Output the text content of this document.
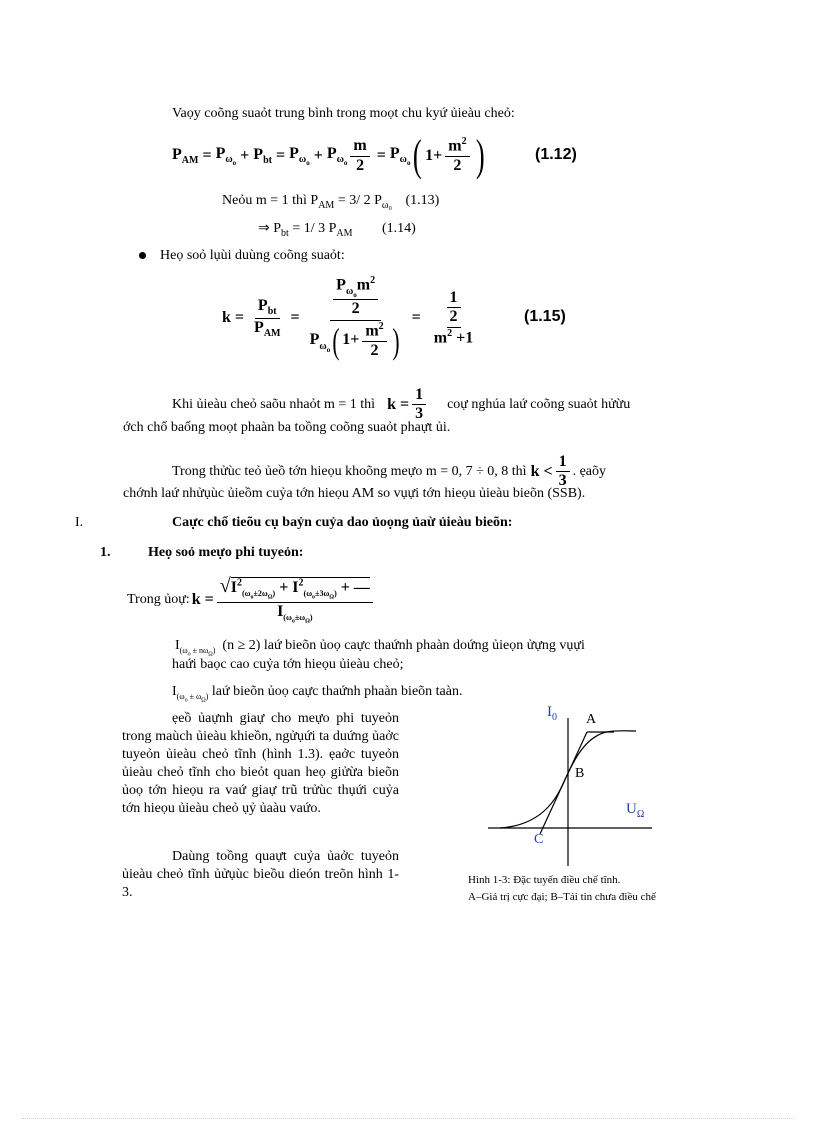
Vaọy coõng suaỏt trung bình trong moọt chu kyứ ủieàu cheỏ:
$P_{AM} = P_{\omega_o} + P_{bt} = P_{\omega_o} + P_{\omega_o} \frac{m}{2} = P_{\omega_o}$ ( $1 + \frac{m^2}{2}$ )	(1.12)
Neỏu m = 1 thì $P_{AM} = 3/$ 2 $P_{\omega_0}$ (1.13)
⇒ $P_{bt} = 1/$ 3 $P_{AM}$ (1.14)
Heọ soỏ lụùi duùng coõng suaỏt:
$k = \frac{P_{bt}}{P_{AM}} = \frac{\frac{P_{\omega_o}m^2}{2}}{P_{\omega_o}( 1+ \frac{m^2}{2} )} = \frac{1}{\frac{2}{m^2 +1}}$	(1.15)
Khi ủieàu cheỏ saõu nhaỏt m = 1 thì $k = \frac{1}{3}$ coự nghúa laứ coõng suaỏt hửừu
ớch chổ baống moọt phaàn ba toồng coõng suaỏt phaựt ủi.
Trong thửùc teỏ ủeồ tớn hieọu khoõng meựo m = 0, 7 ÷ 0, 8 thì $k < \frac{1}{3}$ . ẹaõy
chớnh laứ nhửụùc ủieồm cuỷa tớn hieọu AM so vụựi tớn hieọu ủieàu bieõn (SSB).
I.	Caực chổ tieõu cụ baỷn cuỷa dao ủoọng ủaừ ủieàu bieõn:
1.	Heọ soỏ meựo phi tuyeỏn:
Trong ủoự: $k = \frac{√I^2_{(\omega_o\pm 2\omega_\Omega)} + I^2_{(\omega_o\pm 3\omega_\Omega)} + —}{I_{(\omega_o\pm\omega_\Omega)}}$
$I_{(\omega_o \pm n\omega_\Omega)}$ (n ≥ 2) laứ bieõn ủoọ caực thaứnh phaàn doứng ủieọn ửựng vụựi
haứi baọc cao cuỷa tớn hieọu ủieàu cheỏ;
$I_{(\omega_o \pm \omega_\Omega)}$ laứ bieõn ủoọ caực thaứnh phaàn bieõn taàn.
ẹeồ ủaựnh giaự cho meựo phi tuyeỏn trong maùch ủieàu khieồn, ngửụứi ta duứng ủaởc tuyeỏn ủieàu cheỏ tĩnh (hình 1.3). ẹaởc tuyeỏn ủieàu cheỏ tĩnh cho bieỏt quan heọ giửừa bieõn ủoọ tớn hieọu ra vaứ giaự trũ trửùc thụứi cuỷa tớn hieọu ủieàu cheỏ ụỷ ủaàu vaứo.
Daùng toồng quaựt cuỷa ủaởc tuyeỏn ủieàu cheỏ tĩnh ủửụùc bieồu dieón treõn hình 1-3.
$I_0$
$U_\Omega$
A
B
C
Hình 1-3: Đặc tuyến điều chế tĩnh.
A–Giá trị cực đại; B–Tải tin chưa điều chế
